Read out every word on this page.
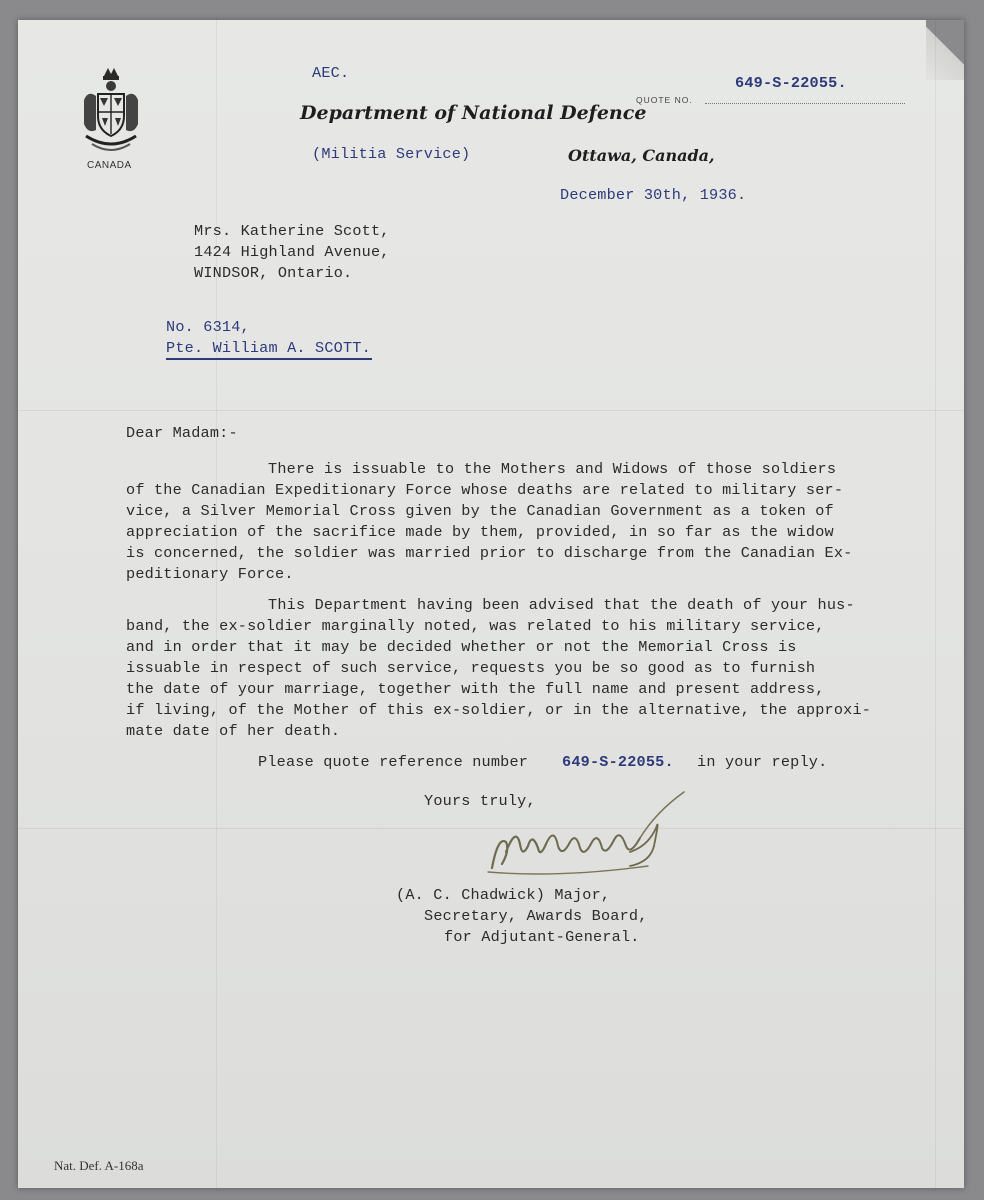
CANADA
AEC.
Department of National Defence
QUOTE NO.
649-S-22055.
(Militia Service)	Ottawa, Canada,
December 30th, 1936.
Mrs. Katherine Scott,
1424 Highland Avenue,
WINDSOR, Ontario.
No. 6314,
Pte. William A. SCOTT.
Dear Madam:-
There is issuable to the Mothers and Widows of those soldiers
of the Canadian Expeditionary Force whose deaths are related to military ser-
vice, a Silver Memorial Cross given by the Canadian Government as a token of
appreciation of the sacrifice made by them, provided, in so far as the widow
is concerned, the soldier was married prior to discharge from the Canadian Ex-
peditionary Force.
This Department having been advised that the death of your hus-
band, the ex-soldier marginally noted, was related to his military service,
and in order that it may be decided whether or not the Memorial Cross is
issuable in respect of such service, requests you be so good as to furnish
the date of your marriage, together with the full name and present address,
if living, of the Mother of this ex-soldier, or in the alternative, the approxi-
mate date of her death.
Please quote reference number 649-S-22055. in your reply.
Yours truly,
(A. C. Chadwick) Major,
Secretary, Awards Board,
for Adjutant-General.
Nat. Def. A-168a
